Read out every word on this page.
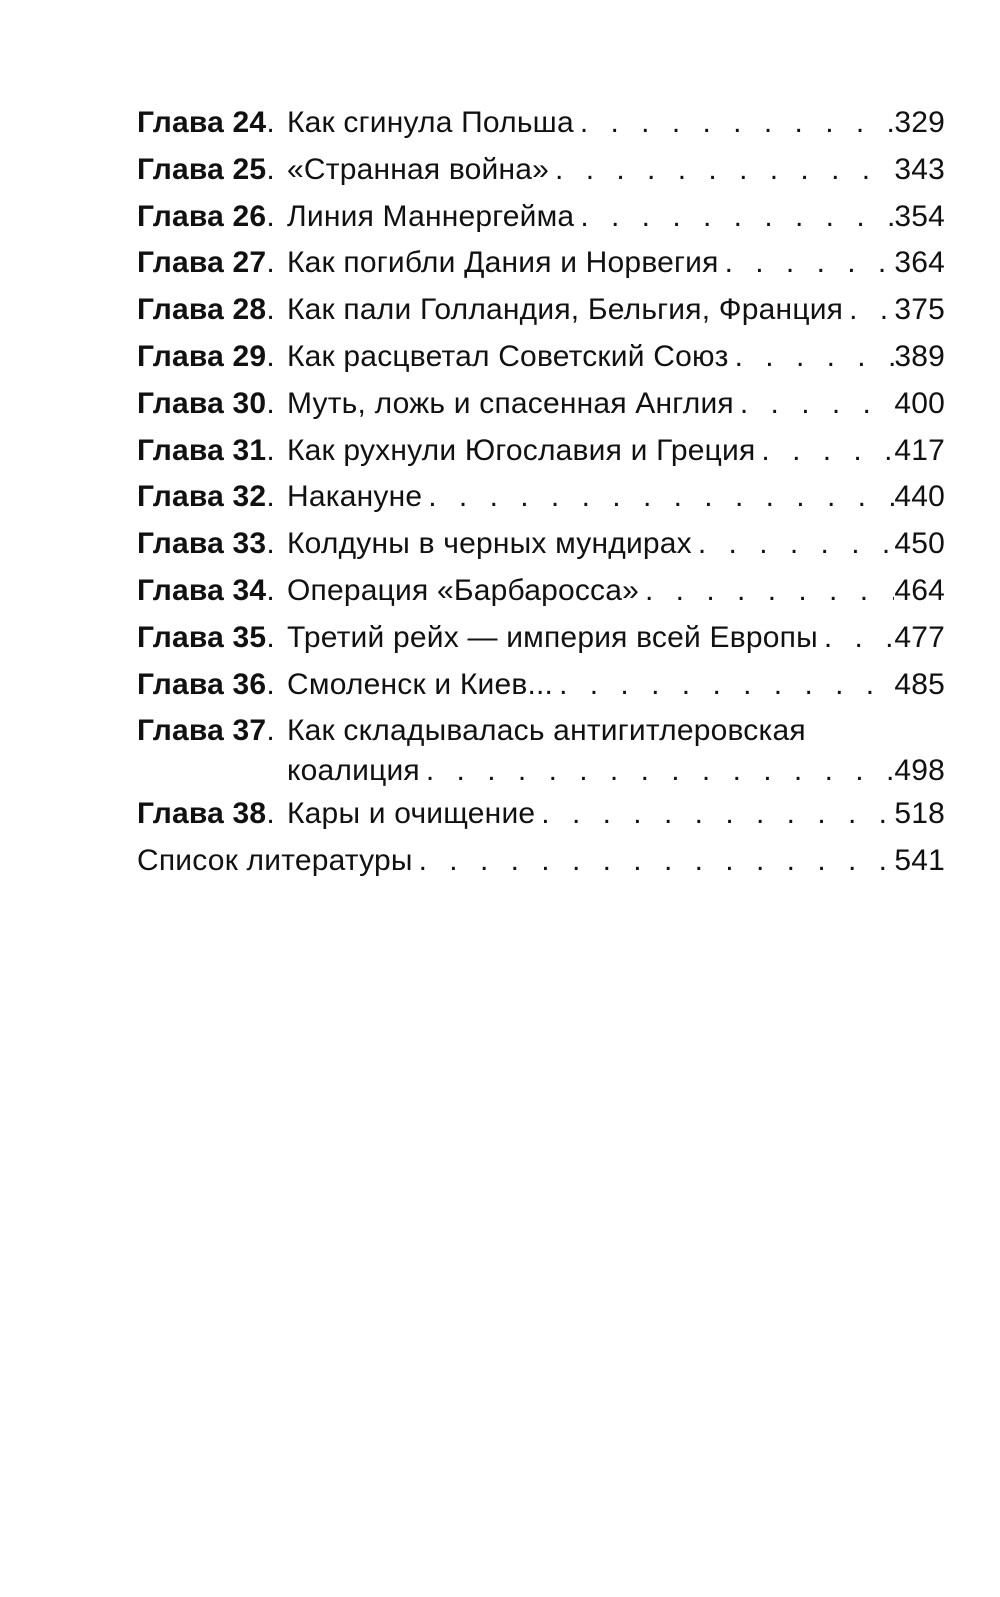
Глава 24. Как сгинула Польша . . .	329
Глава 25. «Странная война» . . .	343
Глава 26. Линия Маннергейма . . .	354
Глава 27. Как погибли Дания и Норвегия . . .	364
Глава 28. Как пали Голландия, Бельгия, Франция . . . 375
Глава 29. Как расцветал Советский Союз . . .	389
Глава 30. Муть, ложь и спасенная Англия . . .	400
Глава 31. Как рухнули Югославия и Греция . . .	417
Глава 32. Накануне . . .	440
Глава 33. Колдуны в черных мундирах . . .	450
Глава 34. Операция «Барбаросса» . . .	464
Глава 35. Третий рейх — империя всей Европы . . .	477
Глава 36. Смоленск и Киев... . . .	485
Глава 37. Как складывалась антигитлеровская
коалиция . . .	498
Глава 38. Кары и очищение . . .	518
Список литературы . . .	541
